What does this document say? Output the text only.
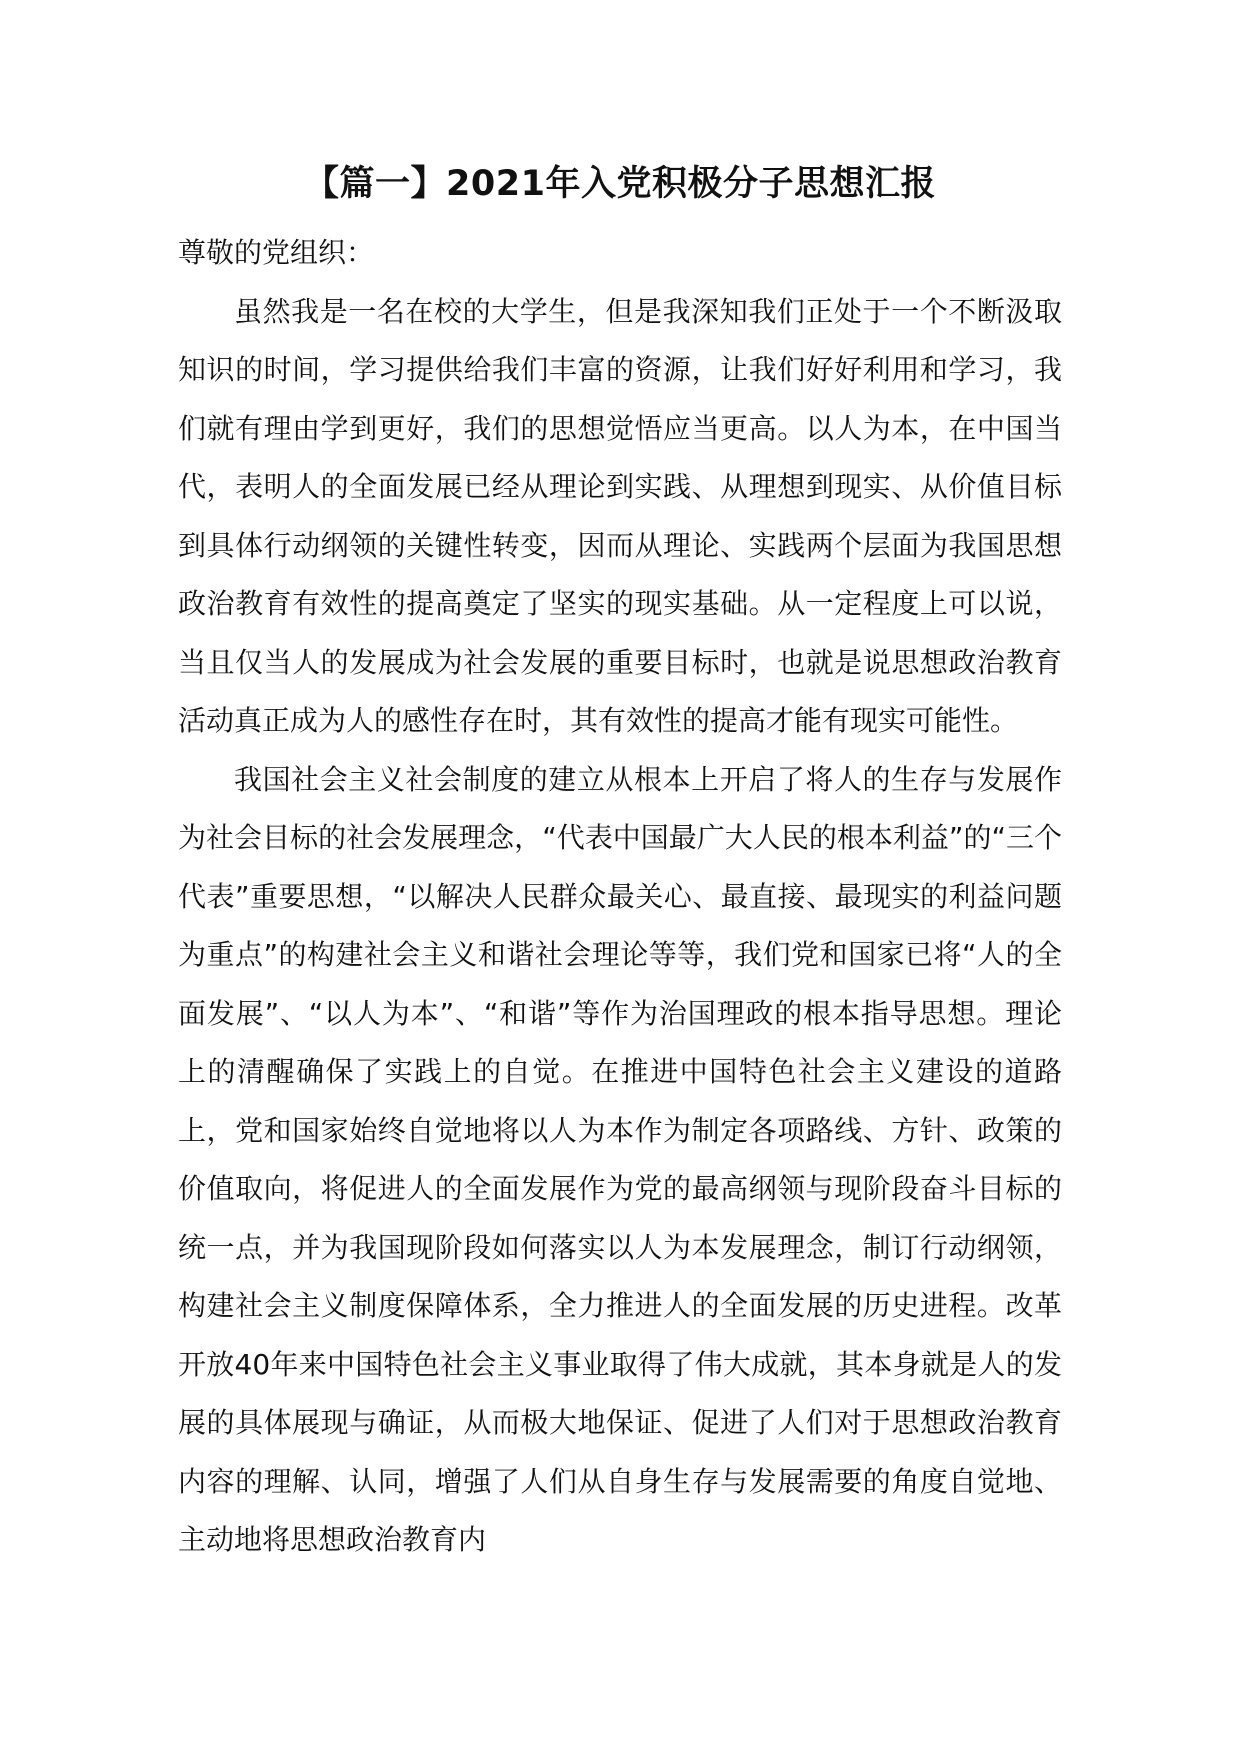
【篇一】2021年入党积极分子思想汇报

尊敬的党组织：

虽然我是一名在校的大学生，但是我深知我们正处于一个不断汲取知识的时间，学习提供给我们丰富的资源，让我们好好利用和学习，我们就有理由学到更好，我们的思想觉悟应当更高。以人为本，在中国当代，表明人的全面发展已经从理论到实践、从理想到现实、从价值目标到具体行动纲领的关键性转变，因而从理论、实践两个层面为我国思想政治教育有效性的提高奠定了坚实的现实基础。从一定程度上可以说，当且仅当人的发展成为社会发展的重要目标时，也就是说思想政治教育活动真正成为人的感性存在时，其有效性的提高才能有现实可能性。

我国社会主义社会制度的建立从根本上开启了将人的生存与发展作为社会目标的社会发展理念，“代表中国最广大人民的根本利益”的“三个代表”重要思想，“以解决人民群众最关心、最直接、最现实的利益问题为重点”的构建社会主义和谐社会理论等等，我们党和国家已将“人的全面发展”、“以人为本”、“和谐”等作为治国理政的根本指导思想。理论上的清醒确保了实践上的自觉。在推进中国特色社会主义建设的道路上，党和国家始终自觉地将以人为本作为制定各项路线、方针、政策的价值取向，将促进人的全面发展作为党的最高纲领与现阶段奋斗目标的统一点，并为我国现阶段如何落实以人为本发展理念，制订行动纲领，构建社会主义制度保障体系，全力推进人的全面发展的历史进程。改革开放40年来中国特色社会主义事业取得了伟大成就，其本身就是人的发展的具体展现与确证，从而极大地保证、促进了人们对于思想政治教育内容的理解、认同，增强了人们从自身生存与发展需要的角度自觉地、主动地将思想政治教育内
